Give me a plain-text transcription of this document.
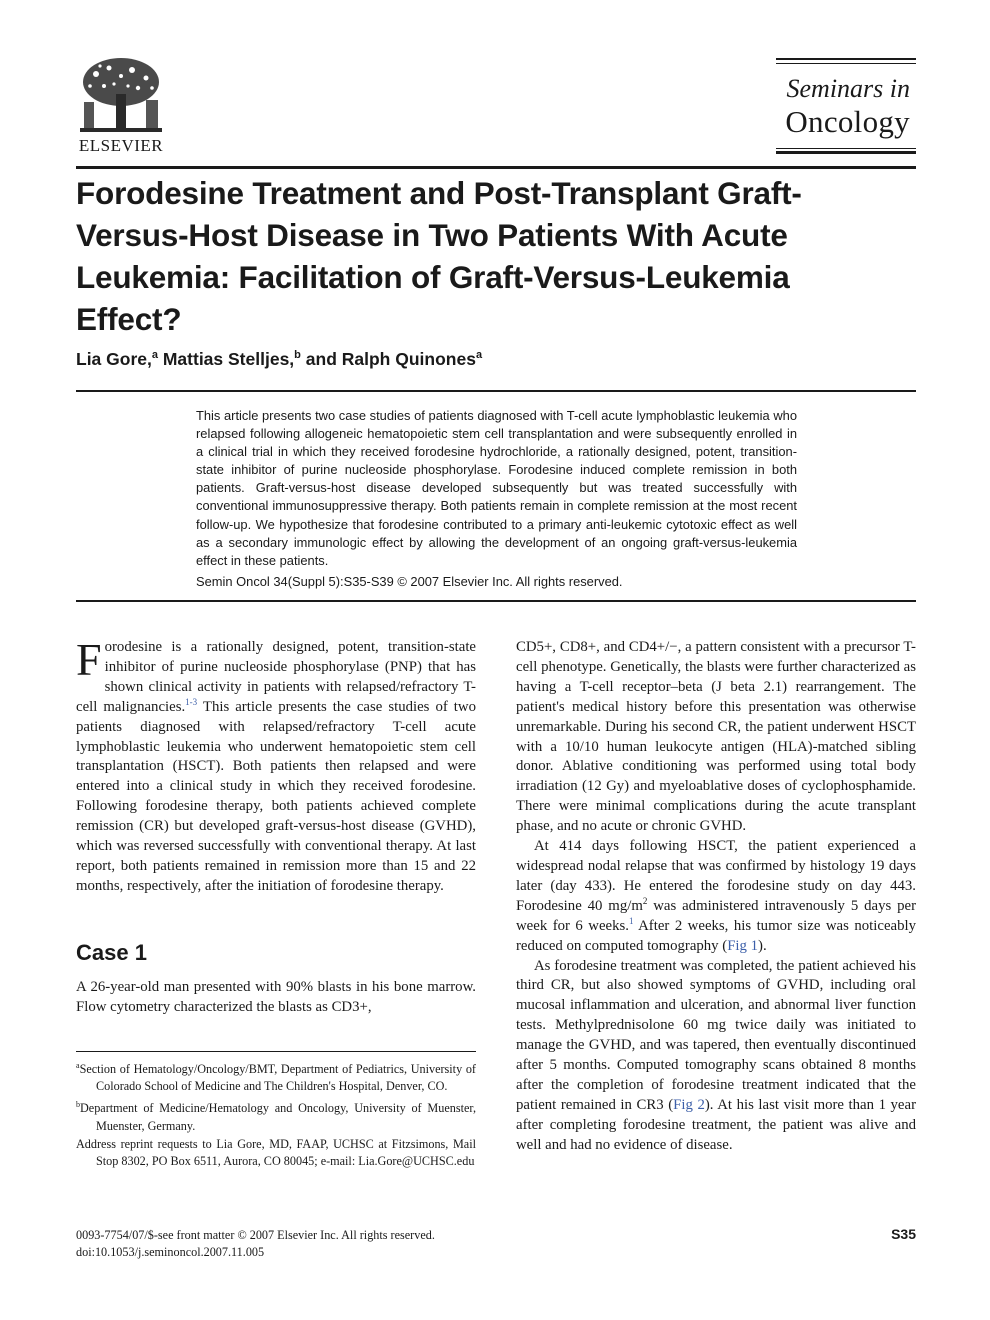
ELSEVIER
Seminars in
Oncology
Forodesine Treatment and Post-Transplant Graft-Versus-Host Disease in Two Patients With Acute Leukemia: Facilitation of Graft-Versus-Leukemia Effect?
Lia Gore,$^a$ Mattias Stelljes,$^b$ and Ralph Quinones$^a$
This article presents two case studies of patients diagnosed with T-cell acute lymphoblastic leukemia who relapsed following allogeneic hematopoietic stem cell transplantation and were subsequently enrolled in a clinical trial in which they received forodesine hydrochloride, a rationally designed, potent, transition-state inhibitor of purine nucleoside phosphorylase. Forodesine induced complete remission in both patients. Graft-versus-host disease developed subsequently but was treated successfully with conventional immunosuppressive therapy. Both patients remain in complete remission at the most recent follow-up. We hypothesize that forodesine contributed to a primary anti-leukemic cytotoxic effect as well as a secondary immunologic effect by allowing the development of an ongoing graft-versus-leukemia effect in these patients.
Semin Oncol 34(Suppl 5):S35-S39 © 2007 Elsevier Inc. All rights reserved.

Forodesine is a rationally designed, potent, transition-state inhibitor of purine nucleoside phosphorylase (PNP) that has shown clinical activity in patients with relapsed/refractory T-cell malignancies.$^{1-3}$ This article presents the case studies of two patients diagnosed with relapsed/refractory T-cell acute lymphoblastic leukemia who underwent hematopoietic stem cell transplantation (HSCT). Both patients then relapsed and were entered into a clinical study in which they received forodesine. Following forodesine therapy, both patients achieved complete remission (CR) but developed graft-versus-host disease (GVHD), which was reversed successfully with conventional therapy. At last report, both patients remained in remission more than 15 and 22 months, respectively, after the initiation of forodesine therapy.

Case 1

A 26-year-old man presented with 90% blasts in his bone marrow. Flow cytometry characterized the blasts as CD3+,

$^a$Section of Hematology/Oncology/BMT, Department of Pediatrics, University of Colorado School of Medicine and The Children's Hospital, Denver, CO.

$^b$Department of Medicine/Hematology and Oncology, University of Muenster, Muenster, Germany.

Address reprint requests to Lia Gore, MD, FAAP, UCHSC at Fitzsimons, Mail Stop 8302, PO Box 6511, Aurora, CO 80045; e-mail: Lia.Gore@UCHSC.edu

CD5+, CD8+, and CD4+/−, a pattern consistent with a precursor T-cell phenotype. Genetically, the blasts were further characterized as having a T-cell receptor–beta (J beta 2.1) rearrangement. The patient's medical history before this presentation was otherwise unremarkable. During his second CR, the patient underwent HSCT with a 10/10 human leukocyte antigen (HLA)-matched sibling donor. Ablative conditioning was performed using total body irradiation (12 Gy) and myeloablative doses of cyclophosphamide. There were minimal complications during the acute transplant phase, and no acute or chronic GVHD.

At 414 days following HSCT, the patient experienced a widespread nodal relapse that was confirmed by histology 19 days later (day 433). He entered the forodesine study on day 443. Forodesine 40 $mg/m^2$ was administered intravenously 5 days per week for 6 weeks.$^1$ After 2 weeks, his tumor size was noticeably reduced on computed tomography (Fig 1).

As forodesine treatment was completed, the patient achieved his third CR, but also showed symptoms of GVHD, including oral mucosal inflammation and ulceration, and abnormal liver function tests. Methylprednisolone 60 mg twice daily was initiated to manage the GVHD, and was tapered, then eventually discontinued after 5 months. Computed tomography scans obtained 8 months after the completion of forodesine treatment indicated that the patient remained in CR3 (Fig 2). At his last visit more than 1 year after completing forodesine treatment, the patient was alive and well and had no evidence of disease.

0093-7754/07/$-see front matter © 2007 Elsevier Inc. All rights reserved.
doi:10.1053/j.seminoncol.2007.11.005
S35
